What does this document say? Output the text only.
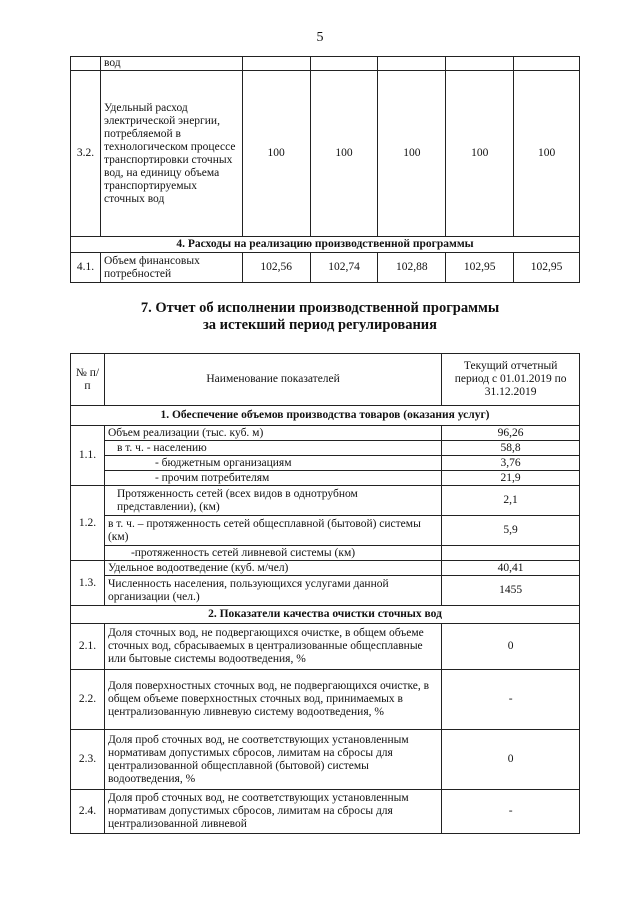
5
	вод					
3.2.	Удельный расход электрической энергии, потребляемой в технологическом процессе транспортировки сточных вод, на единицу объема транспортируемых сточных вод	100	100	100	100	100
4. Расходы на реализацию производственной программы						
4.1.	Объем финансовых потребностей	102,56	102,74	102,88	102,95	102,95
7. Отчет об исполнении производственной программы
за истекший период регулирования
№ п/п	Наименование показателей	Текущий отчетный период с 01.01.2019 по 31.12.2019
1. Обеспечение объемов производства товаров (оказания услуг)		
1.1.	Объем реализации (тыс. куб. м)	96,26
	в т. ч. - населению	58,8
	- бюджетным организациям	3,76
	- прочим потребителям	21,9
1.2.	Протяженность сетей (всех видов в однотрубном представлении), (км)	2,1
	в т. ч. – протяженность сетей общесплавной (бытовой) системы (км)	5,9
	-протяженность сетей ливневой системы (км)	
1.3.	Удельное водоотведение (куб. м/чел)	40,41
	Численность населения, пользующихся услугами данной организации (чел.)	1455
2. Показатели качества очистки сточных вод		
2.1.	Доля сточных вод, не подвергающихся очистке, в общем объеме сточных вод, сбрасываемых в централизованные общесплавные или бытовые системы водоотведения, %	0
2.2.	Доля поверхностных сточных вод, не подвергающихся очистке, в общем объеме поверхностных сточных вод, принимаемых в централизованную ливневую систему водоотведения, %	-
2.3.	Доля проб сточных вод, не соответствующих установленным нормативам допустимых сбросов, лимитам на сбросы для централизованной общесплавной (бытовой) системы водоотведения, %	0
2.4.	Доля проб сточных вод, не соответствующих установленным нормативам допустимых сбросов, лимитам на сбросы для централизованной ливневой	-
